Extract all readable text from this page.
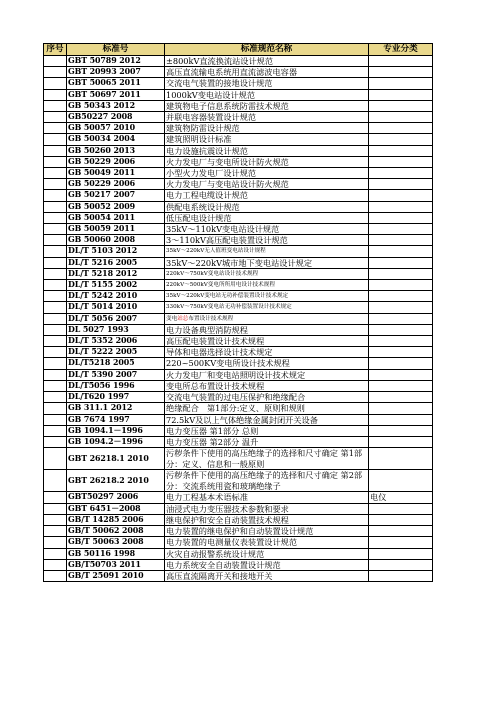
序号	标准号	标准规范名称	专业分类
	GBT 50789 2012	±800kV直流换流站设计规范	
	GBT 20993 2007	高压直流输电系统用直流滤波电容器	
	GBT 50065 2011	交流电气装置的接地设计规范	
	GBT 50697 2011	1000kV变电站设计规范	
	GB 50343 2012	建筑物电子信息系统防雷技术规范	
	GB50227 2008	并联电容器装置设计规范	
	GB 50057 2010	建筑物防雷设计规范	
	GB 50034 2004	建筑照明设计标准	
	GB 50260 2013	电力设施抗震设计规范	
	GB 50229 2006	火力发电厂与变电所设计防火规范	
	GB 50049 2011	小型火力发电厂设计规范	
	GB 50229 2006	火力发电厂与变电站设计防火规范	
	GB 50217 2007	电力工程电缆设计规范	
	GB 50052 2009	供配电系统设计规范	
	GB 50054 2011	低压配电设计规范	
	GB 50059 2011	35kV～110kV变电站设计规范	
	GB 50060 2008	3～110kV高压配电装置设计规范	
	DL/T 5103 2012	35kV～220kV无人值班变电站设计规程	
	DL/T 5216 2005	35kV～220kV城市地下变电站设计规定	
	DL/T 5218 2012	220kV～750kV变电站设计技术规程	
	DL/T 5155 2002	220kV～500kV变电所所用电设计技术规程	
	DL/T 5242 2010	35kV～220kV变电站无功补偿装置设计技术规定	
	DL/T 5014 2010	330kV～750kV变电站无功补偿装置设计技术规定	
	DL/T 5056 2007	变电站总布置设计技术规程	
	DL 5027 1993	电力设备典型消防规程	
	DL/T 5352 2006	高压配电装置设计技术规程	
	DL/T 5222 2005	导体和电器选择设计技术规定	
	DL/T5218 2005	220~500KV变电所设计技术规程	
	DL/T 5390 2007	火力发电厂和变电站照明设计技术规定	
	DL/T5056 1996	变电所总布置设计技术规程	
	DL/T620 1997	交流电气装置的过电压保护和绝缘配合	
	GB 311.1 2012	绝缘配合　第1部分:定义、原则和规则	
	GB 7674 1997	72.5kV及以上气体绝缘金属封闭开关设备	
	GB 1094.1－1996	电力变压器 第1部分 总则	
	GB 1094.2－1996	电力变压器 第2部分 温升	
	GBT 26218.1 2010	污秽条件下使用的高压绝缘子的选择和尺寸确定 第1部分：定义、信息和一般原则	
	GBT 26218.2 2010	污秽条件下使用的高压绝缘子的选择和尺寸确定 第2部分：交流系统用瓷和玻璃绝缘子	
	GBT50297 2006	电力工程基本术语标准	电仪
	GBT 6451－2008	油浸式电力变压器技术参数和要求	
	GB/T 14285 2006	继电保护和安全自动装置技术规程	
	GB/T 50062 2008	电力装置的继电保护和自动装置设计规范	
	GB/T 50063 2008	电力装置的电测量仪表装置设计规范	
	GB 50116 1998	火灾自动报警系统设计规范	
	GB/T50703 2011	电力系统安全自动装置设计规范	
	GB/T 25091 2010	高压直流隔离开关和接地开关	
